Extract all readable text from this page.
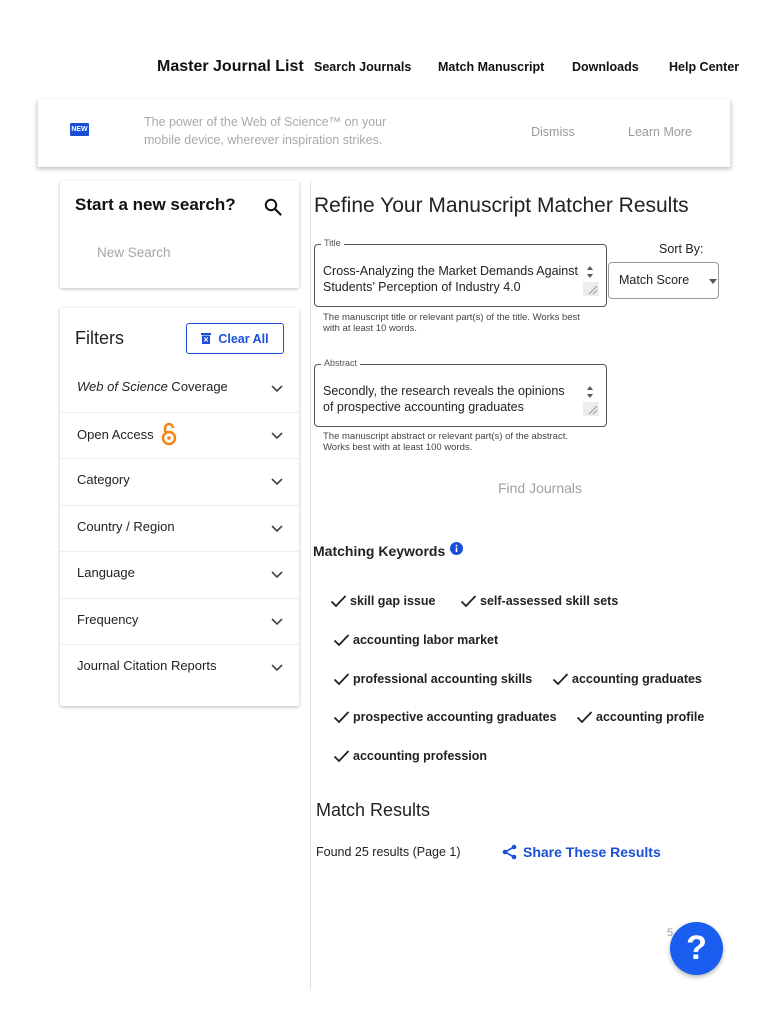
Master Journal List Search Journals Match Manuscript Downloads Help Center
NEW
The power of the Web of Science™ on your mobile device, wherever inspiration strikes.
Dismiss	Learn More
Start a new search?
New Search
Filters	Clear All
Web of Science Coverage
Open Access
Category
Country / Region
Language
Frequency
Journal Citation Reports
Refine Your Manuscript Matcher Results
Title
Cross-Analyzing the Market Demands Against
Students’ Perception of Industry 4.0
The manuscript title or relevant part(s) of the title. Works best
with at least 10 words.
Sort By:
Match Score
Abstract
Secondly, the research reveals the opinions
of prospective accounting graduates
The manuscript abstract or relevant part(s) of the abstract.
Works best with at least 100 words.
Find Journals
Matching Keywords
skill gap issue	self-assessed skill sets
accounting labor market
professional accounting skills	accounting graduates
prospective accounting graduates	accounting profile
accounting profession
Match Results
Found 25 results (Page 1)	Share These Results
5 ?
